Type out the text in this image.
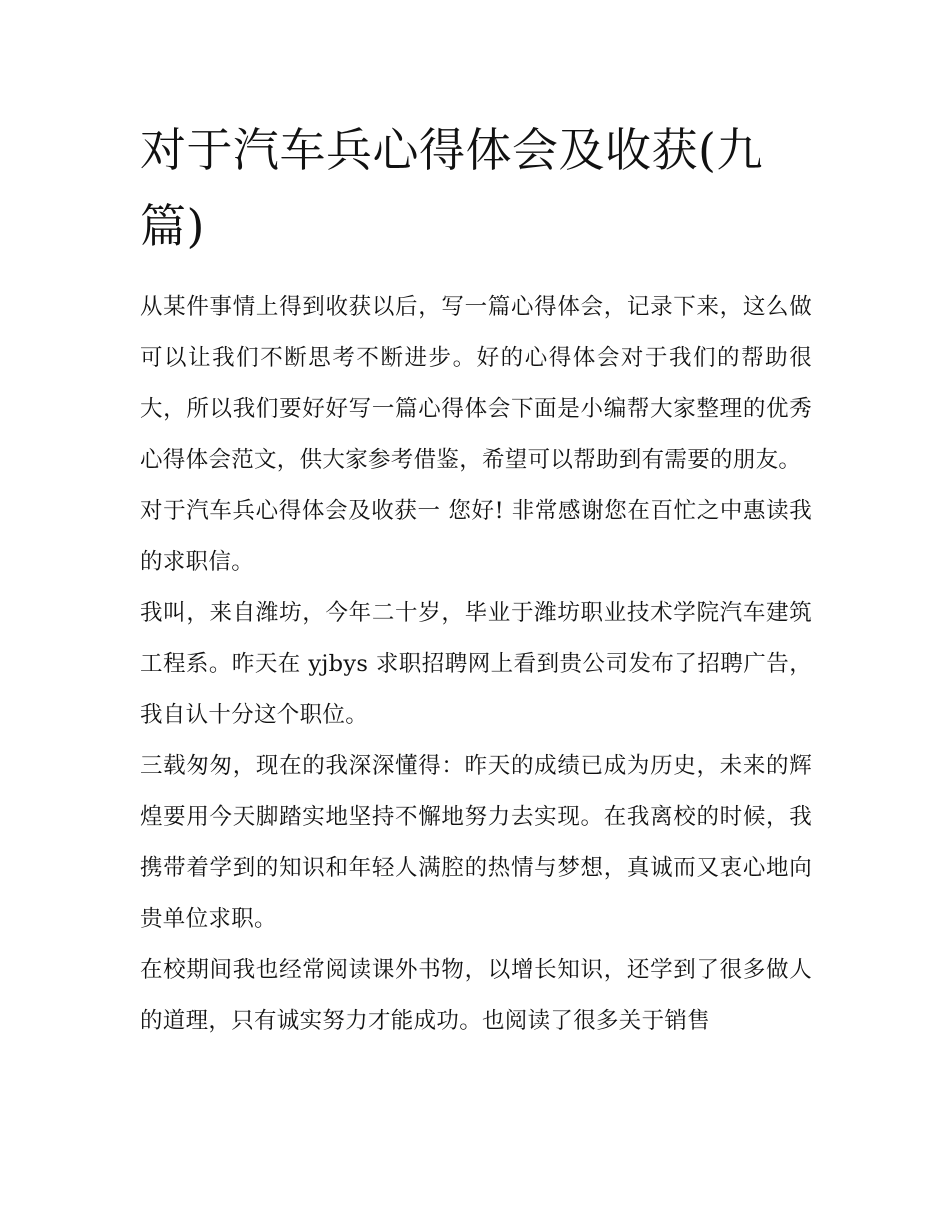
对于汽车兵心得体会及收获(九篇)

从某件事情上得到收获以后，写一篇心得体会，记录下来，这么做可以让我们不断思考不断进步。好的心得体会对于我们的帮助很大，所以我们要好好写一篇心得体会下面是小编帮大家整理的优秀心得体会范文，供大家参考借鉴，希望可以帮助到有需要的朋友。

对于汽车兵心得体会及收获一 您好! 非常感谢您在百忙之中惠读我的求职信。

我叫，来自潍坊，今年二十岁，毕业于潍坊职业技术学院汽车建筑工程系。昨天在 yjbys 求职招聘网上看到贵公司发布了招聘广告，我自认十分这个职位。

三载匆匆，现在的我深深懂得：昨天的成绩已成为历史，未来的辉煌要用今天脚踏实地坚持不懈地努力去实现。在我离校的时候，我携带着学到的知识和年轻人满腔的热情与梦想，真诚而又衷心地向贵单位求职。

在校期间我也经常阅读课外书物，以增长知识，还学到了很多做人的道理，只有诚实努力才能成功。也阅读了很多关于销售
